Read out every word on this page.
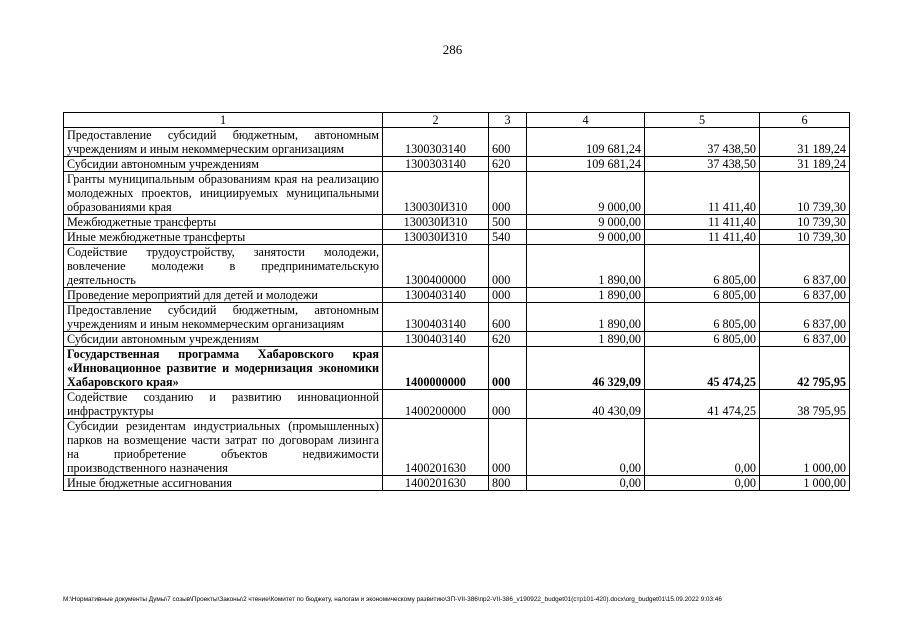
286
1	2	3	4	5	6
Предоставление субсидий бюджетным, автономным учреждениям и иным некоммерческим организациям	1300303140	600	109 681,24	37 438,50	31 189,24
Субсидии автономным учреждениям	1300303140	620	109 681,24	37 438,50	31 189,24
Гранты муниципальным образованиям края на реализацию молодежных проектов, инициируемых муниципальными образованиями края	130030И310	000	9 000,00	11 411,40	10 739,30
Межбюджетные трансферты	130030И310	500	9 000,00	11 411,40	10 739,30
Иные межбюджетные трансферты	130030И310	540	9 000,00	11 411,40	10 739,30
Содействие трудоустройству, занятости молодежи, вовлечение молодежи в предпринимательскую деятельность	1300400000	000	1 890,00	6 805,00	6 837,00
Проведение мероприятий для детей и молодежи	1300403140	000	1 890,00	6 805,00	6 837,00
Предоставление субсидий бюджетным, автономным учреждениям и иным некоммерческим организациям	1300403140	600	1 890,00	6 805,00	6 837,00
Субсидии автономным учреждениям	1300403140	620	1 890,00	6 805,00	6 837,00
Государственная программа Хабаровского края «Инновационное развитие и модернизация экономики Хабаровского края»	1400000000	000	46 329,09	45 474,25	42 795,95
Содействие созданию и развитию инновационной инфраструктуры	1400200000	000	40 430,09	41 474,25	38 795,95
Субсидии резидентам индустриальных (промышленных) парков на возмещение части затрат по договорам лизинга на приобретение объектов недвижимости производственного назначения	1400201630	000	0,00	0,00	1 000,00
Иные бюджетные ассигнования	1400201630	800	0,00	0,00	1 000,00
M:\Нормативные документы Думы\7 созыв\Проекты\Законы\2 чтение\Комитет по бюджету, налогам и экономическому развитию\ЗП-VII-386\пр2-VII-386_v190922_budget01(стр101-420).docx\org_budget01\15.09.2022 9:03:46
